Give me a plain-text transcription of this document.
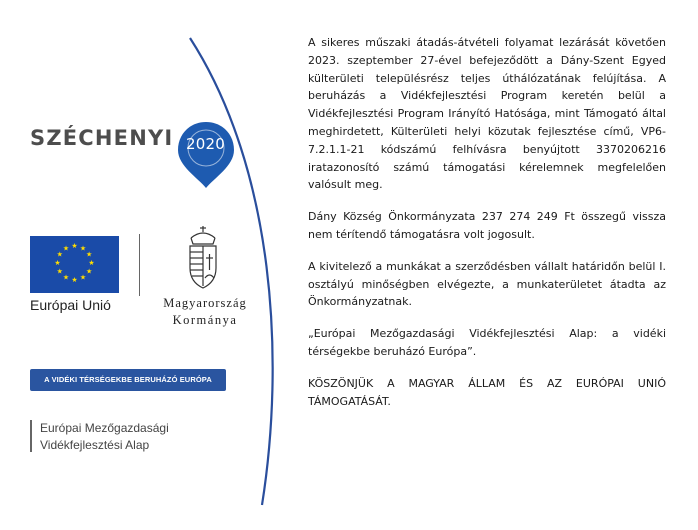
SZÉCHENYI 2020
★ ★
★
★
★
★
★
★
★
★
★
★
Európai Unió	Magyarország
Kormánya
A VIDÉKI TÉRSÉGEKBE BERUHÁZÓ EURÓPA
Európai Mezőgazdasági
Vidékfejlesztési Alap

A sikeres műszaki átadás-átvételi folyamat lezárását követően 2023. szeptember 27-ével befejeződött a Dány-Szent Egyed külterületi településrész teljes úthálózatának felújítása. A beruházás a Vidékfejlesztési Program keretén belül a Vidékfejlesztési Program Irányító Hatósága, mint Támogató által meghirdetett, Külterületi helyi közutak fejlesztése című, VP6-7.2.1.1-21 kódszámú felhívásra benyújtott 3370206216 iratazonosító számú támogatási kérelemnek megfelelően valósult meg.

Dány Község Önkormányzata 237 274 249 Ft összegű vissza nem térítendő támogatásra volt jogosult.

A kivitelező a munkákat a szerződésben vállalt határidőn belül I. osztályú minőségben elvégezte, a munkaterületet átadta az Önkormányzatnak.

„Európai Mezőgazdasági Vidékfejlesztési Alap: a vidéki térségekbe beruházó Európa”.

KÖSZÖNJÜK A MAGYAR ÁLLAM ÉS AZ EURÓPAI UNIÓ TÁMOGATÁSÁT.
